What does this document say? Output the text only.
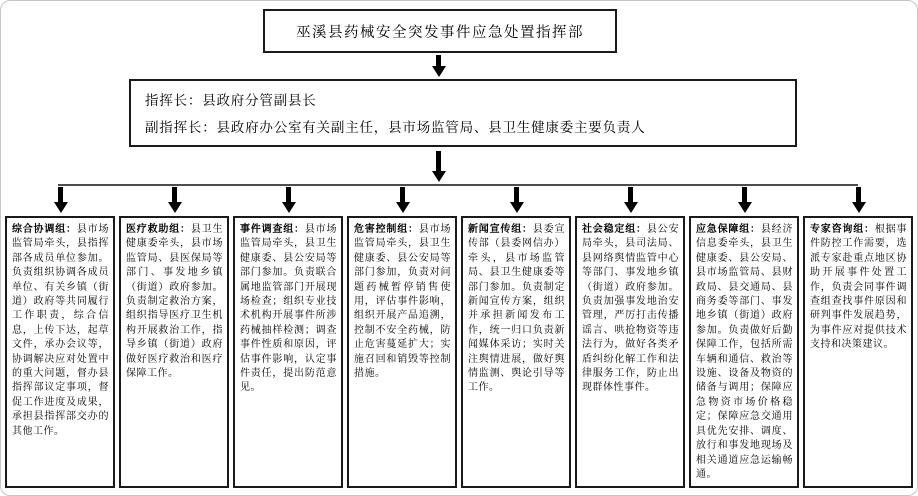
巫溪县药械安全突发事件应急处置指挥部
指挥长：县政府分管副县长
副指挥长：县政府办公室有关副主任，县市场监管局、县卫生健康委主要负责人
综合协调组：县市场监管局牵头，县指挥部各成员单位参加。负责组织协调各成员单位、有关乡镇（街道）政府等共同履行工作职责，综合信息，上传下达，起草文件，承办会议等，协调解决应对处置中的重大问题，督办县指挥部议定事项，督促工作进度及成果，承担县指挥部交办的其他工作。
医疗救助组：县卫生健康委牵头，县市场监管局、县医保局等部门、事发地乡镇（街道）政府参加。负责制定救治方案，组织指导医疗卫生机构开展救治工作，指导乡镇（街道）政府做好医疗救治和医疗保障工作。
事件调查组：县市场监管局牵头，县卫生健康委、县公安局等部门参加。负责联合属地监管部门开展现场检查；组织专业技术机构开展事件所涉药械抽样检测；调查事件性质和原因，评估事件影响，认定事件责任，提出防范意见。
危害控制组：县市场监管局牵头，县卫生健康委、县公安局等部门参加，负责对问题药械暂停销售使用，评估事件影响，组织开展产品追溯，控制不安全药械，防止危害蔓延扩大；实施召回和销毁等控制措施。
新闻宣传组：县委宣传部（县委网信办）牵头，县市场监管局、县卫生健康委等部门参加。负责制定新闻宣传方案，组织并承担新闻发布工作，统一归口负责新闻媒体采访；实时关注舆情进展，做好舆情监测、舆论引导等工作。
社会稳定组：县公安局牵头，县司法局、县网络舆情监管中心等部门、事发地乡镇（街道）政府参加。负责加强事发地治安管理，严厉打击传播谣言、哄抢物资等违法行为，做好各类矛盾纠纷化解工作和法律服务工作，防止出现群体性事件。
应急保障组：县经济信息委牵头，县卫生健康委、县公安局、县市场监管局、县财政局、县交通局、县商务委等部门、事发地乡镇（街道）政府参加。负责做好后勤保障工作，包括所需车辆和通信、救治等设施、设备及物资的储备与调用；保障应急物资市场价格稳定；保障应急交通用具优先安排、调度、放行和事发地现场及相关通道应急运输畅通。
专家咨询组：根据事件防控工作需要，选派专家赴重点地区协助开展事件处置工作，负责会同事件调查组查找事件原因和研判事件发展趋势，为事件应对提供技术支持和决策建议。
